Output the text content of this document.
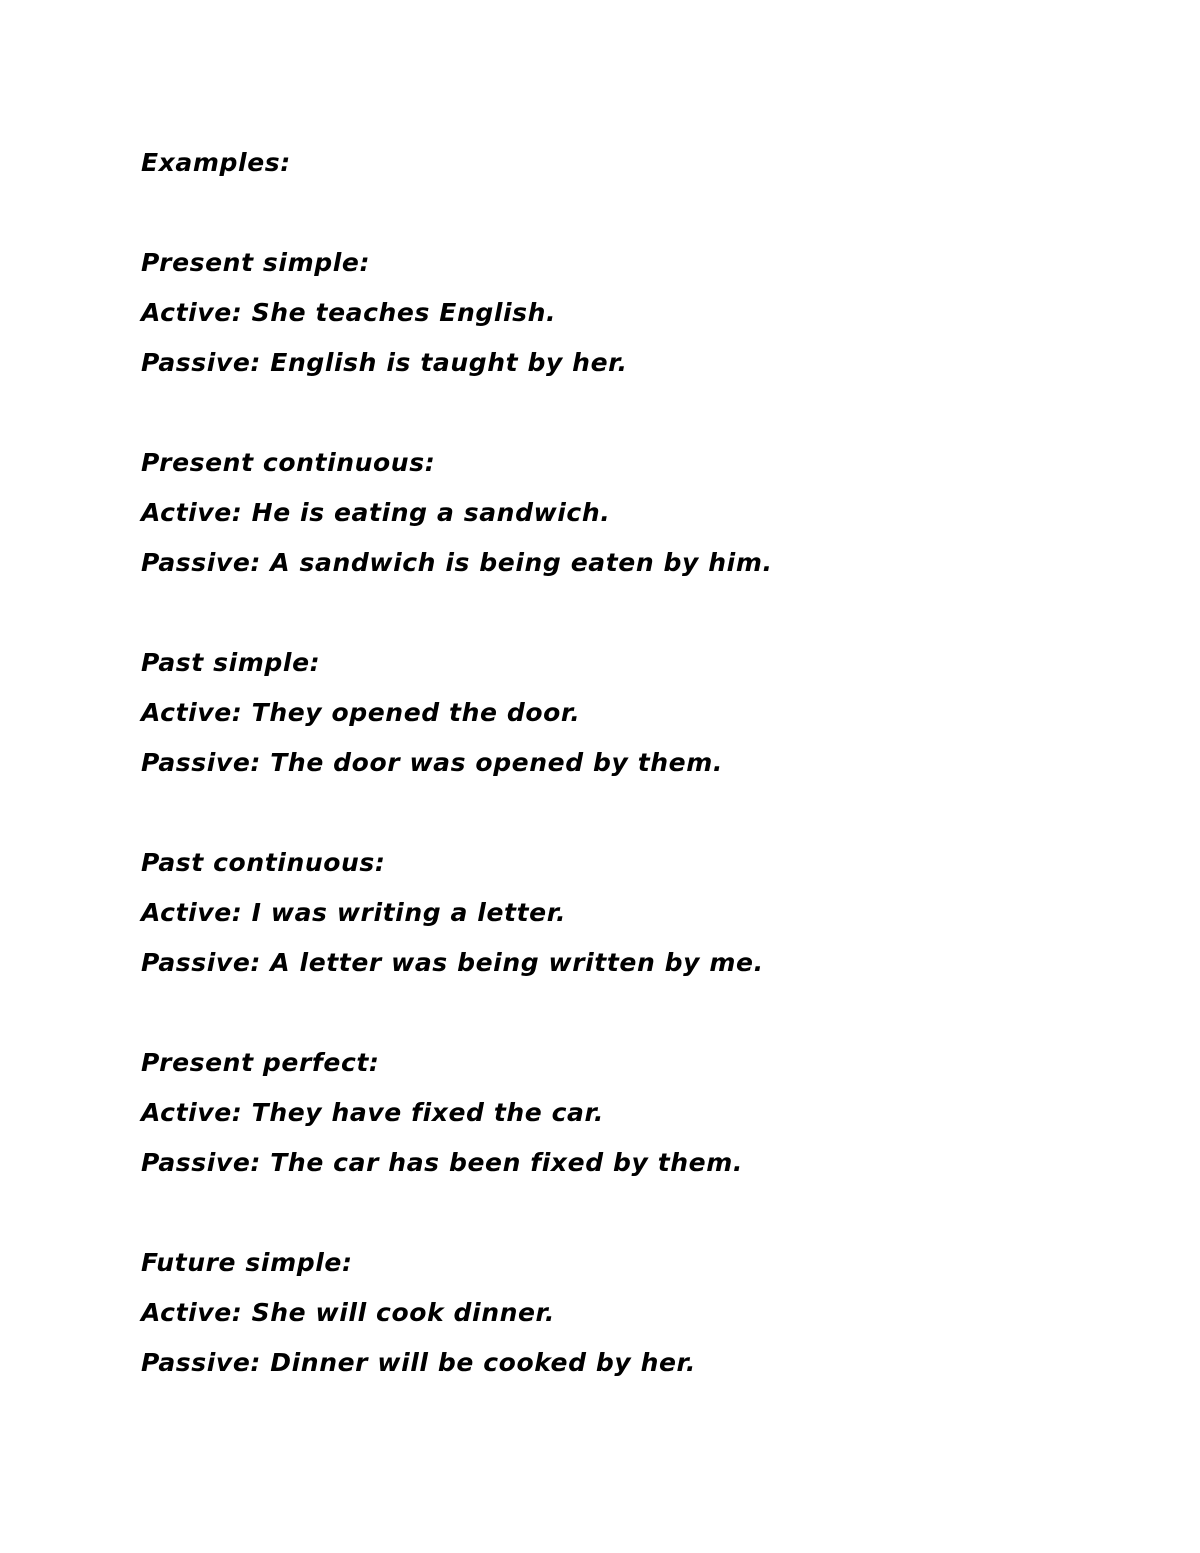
Examples:
Present simple:
Active: She teaches English.
Passive: English is taught by her.
Present continuous:
Active: He is eating a sandwich.
Passive: A sandwich is being eaten by him.
Past simple:
Active: They opened the door.
Passive: The door was opened by them.
Past continuous:
Active: I was writing a letter.
Passive: A letter was being written by me.
Present perfect:
Active: They have fixed the car.
Passive: The car has been fixed by them.
Future simple:
Active: She will cook dinner.
Passive: Dinner will be cooked by her.
